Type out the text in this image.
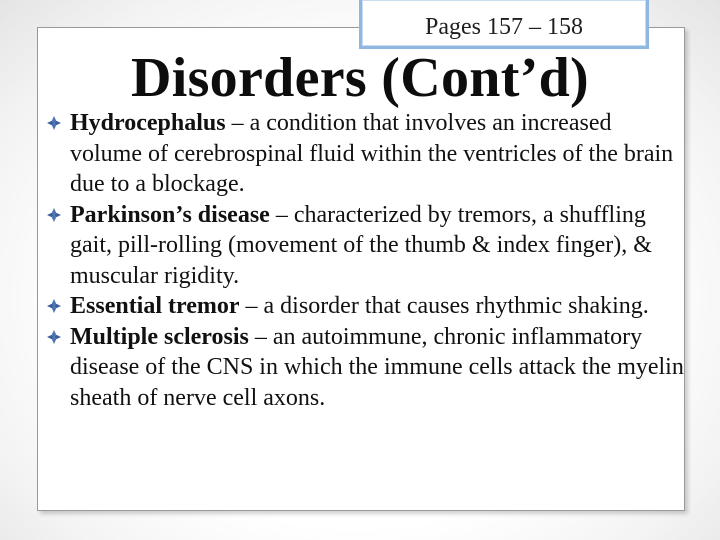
Pages 157 – 158
Disorders (Cont’d)
Hydrocephalus – a condition that involves an increased volume of cerebrospinal fluid within the ventricles of the brain due to a blockage.
Parkinson’s disease – characterized by tremors, a shuffling gait, pill-rolling (movement of the thumb & index finger), & muscular rigidity.
Essential tremor – a disorder that causes rhythmic shaking.
Multiple sclerosis – an autoimmune, chronic inflammatory disease of the CNS in which the immune cells attack the myelin sheath of nerve cell axons.
